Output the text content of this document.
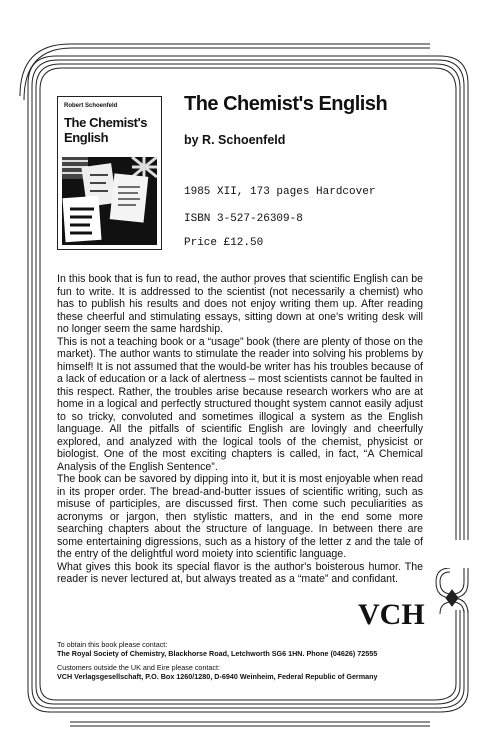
Robert Schoenfeld
The Chemist's
English
The Chemist's English
by R. Schoenfeld
1985 XII, 173 pages Hardcover
ISBN 3-527-26309-8
Price £12.50

In this book that is fun to read, the author proves that scientific English can be fun to write. It is addressed to the scientist (not necessarily a chemist) who has to publish his results and does not enjoy writing them up. After reading these cheerful and stimulating essays, sitting down at one's writing desk will no longer seem the same hardship.

This is not a teaching book or a “usage” book (there are plenty of those on the market). The author wants to stimulate the reader into solving his problems by himself! It is not assumed that the would-be writer has his troubles because of a lack of education or a lack of alertness – most scientists cannot be faulted in this respect. Rather, the troubles arise because research workers who are at home in a logical and perfectly structured thought system cannot easily adjust to so tricky, convoluted and sometimes illogical a system as the English language. All the pitfalls of scientific English are lovingly and cheerfully explored, and analyzed with the logical tools of the chemist, physicist or biologist. One of the most exciting chapters is called, in fact, “A Chemical Analysis of the English Sentence”.

The book can be savored by dipping into it, but it is most enjoyable when read in its proper order. The bread-and-butter issues of scientific writing, such as misuse of participles, are discussed first. Then come such peculiarities as acronyms or jargon, then stylistic matters, and in the end some more searching chapters about the structure of language. In between there are some entertaining digressions, such as a history of the letter z and the tale of the entry of the delightful word moiety into scientific language.

What gives this book its special flavor is the author's boisterous humor. The reader is never lectured at, but always treated as a “mate” and confidant.

VCH
To obtain this book please contact:
The Royal Society of Chemistry, Blackhorse Road, Letchworth SG6 1HN. Phone (04626) 72555
Customers outside the UK and Eire please contact:
VCH Verlagsgesellschaft, P.O. Box 1260/1280, D-6940 Weinheim, Federal Republic of Germany
